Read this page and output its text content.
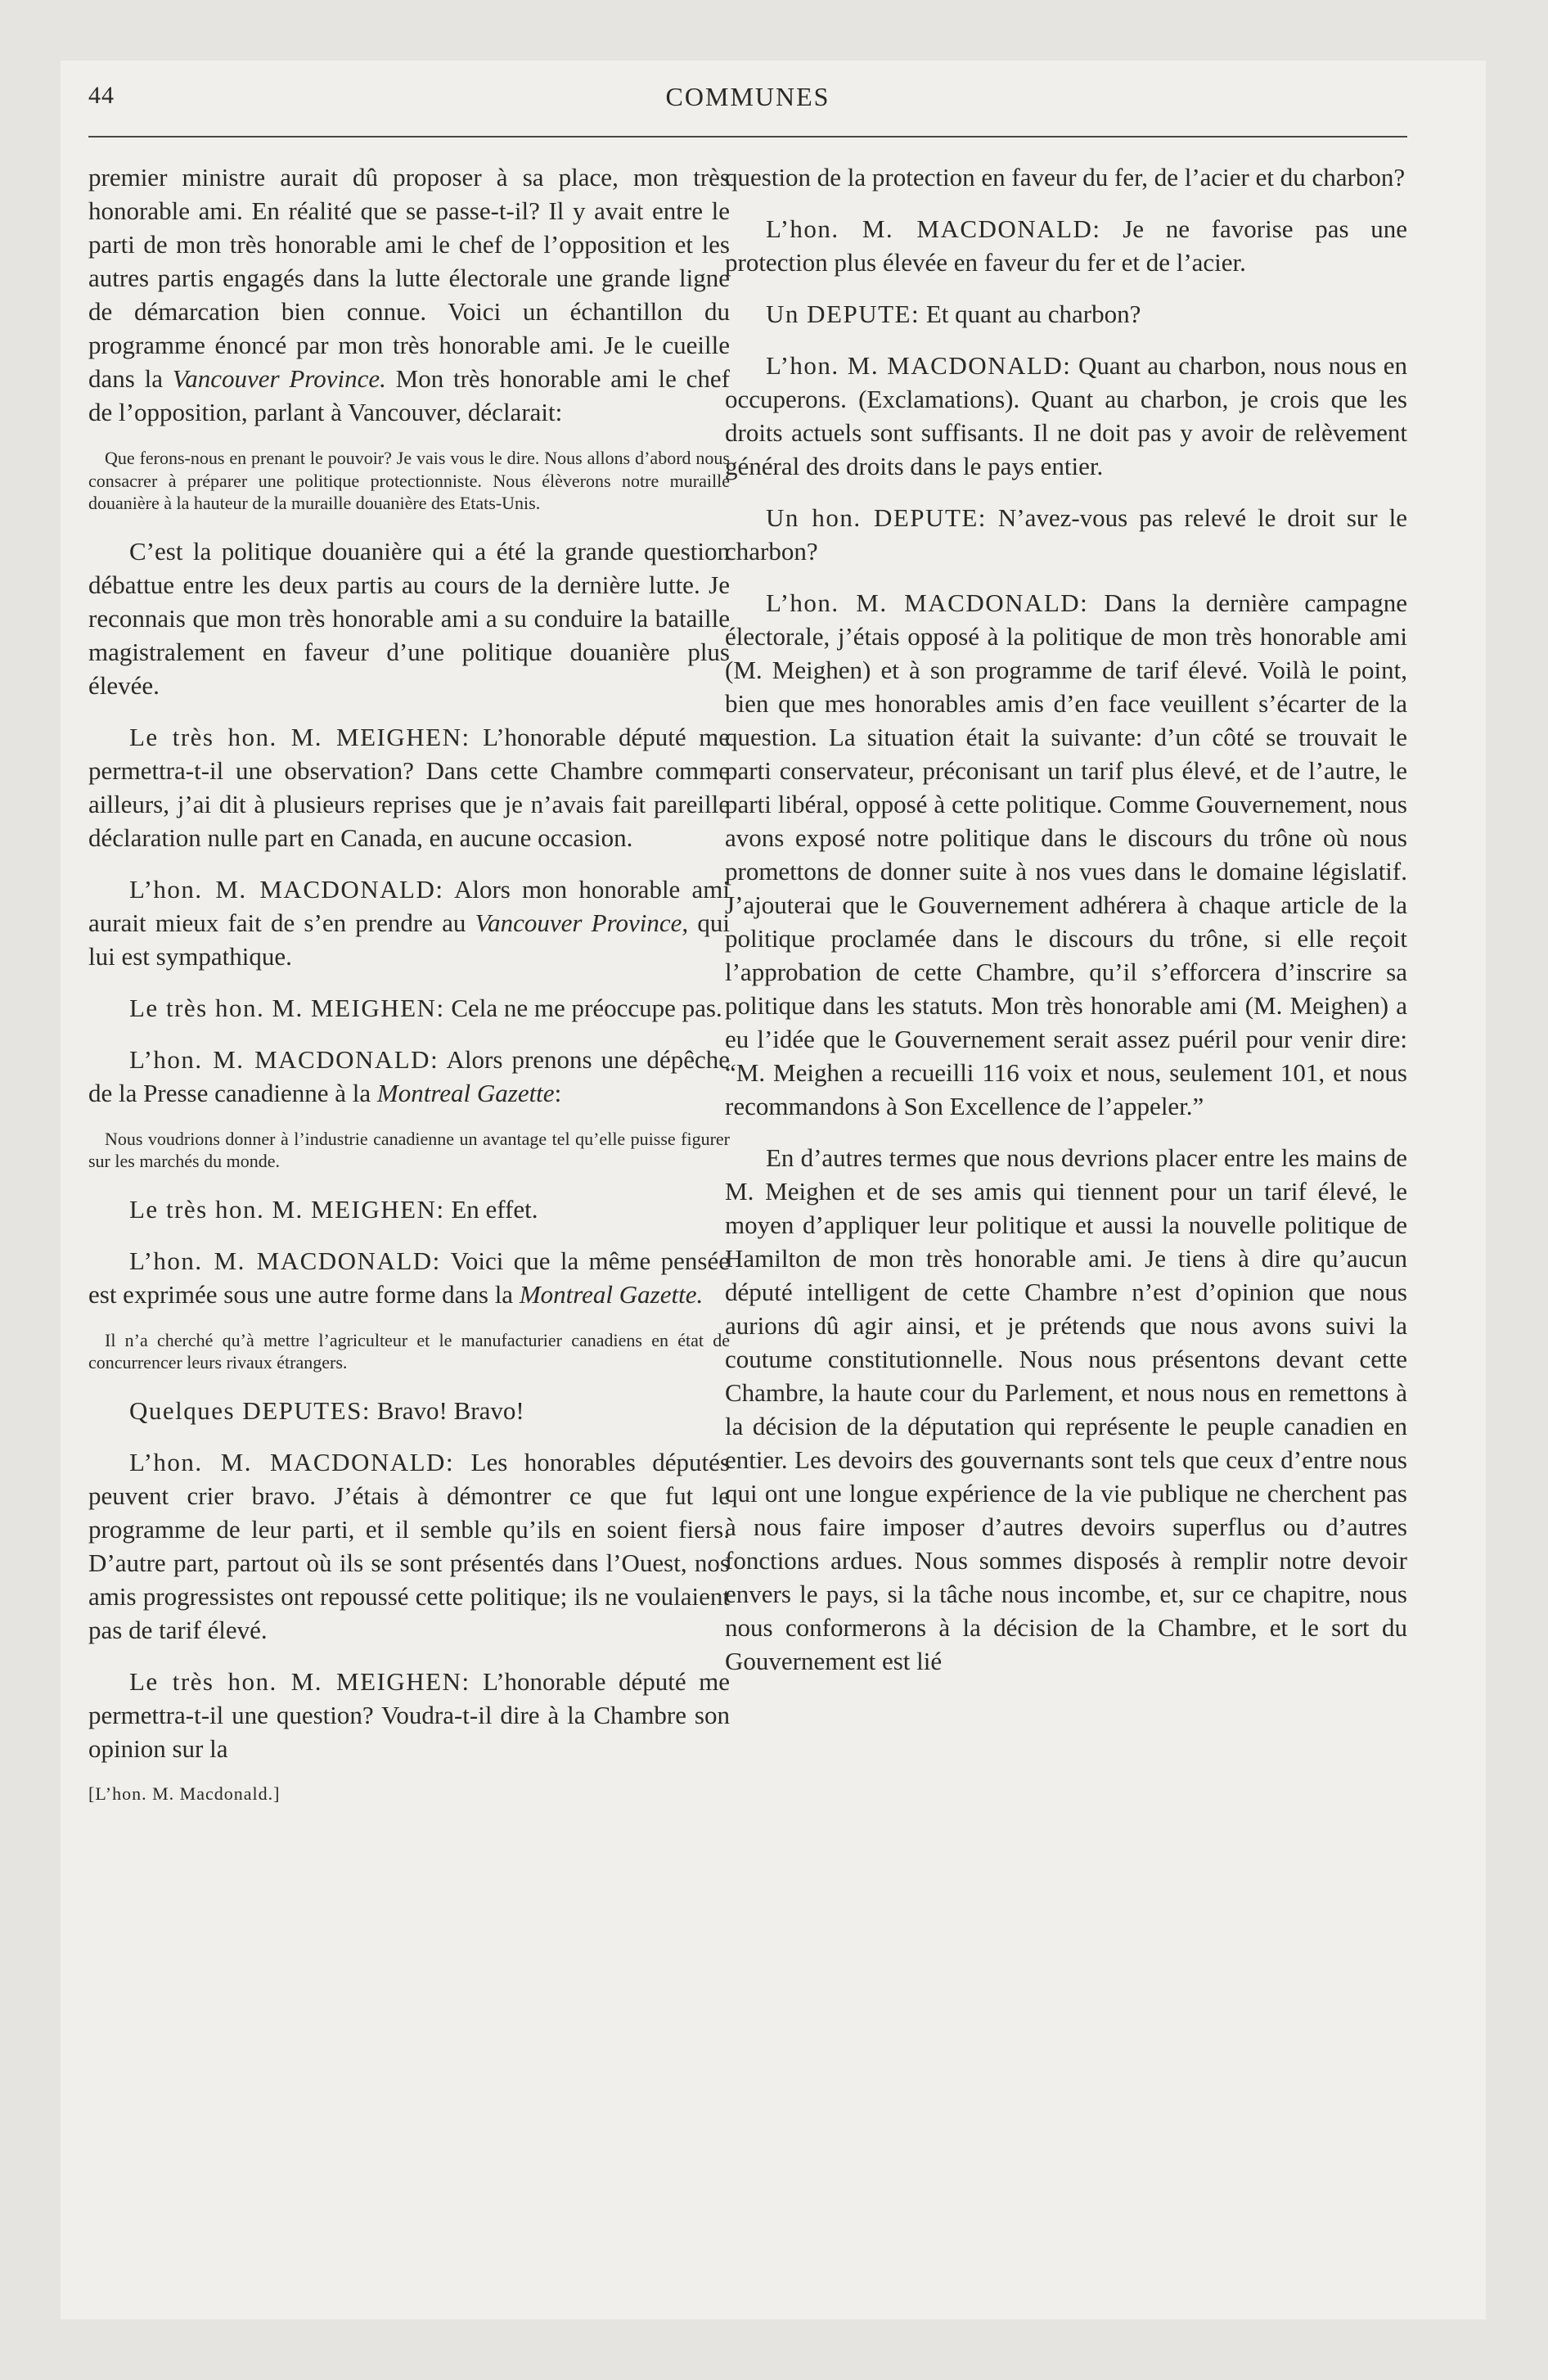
44	COMMUNES

premier ministre aurait dû proposer à sa place, mon très honorable ami. En réalité que se passe-t-il? Il y avait entre le parti de mon très honorable ami le chef de l’opposition et les autres partis engagés dans la lutte électorale une grande ligne de démarcation bien connue. Voici un échantillon du programme énoncé par mon très honorable ami. Je le cueille dans la Vancouver Province. Mon très honorable ami le chef de l’opposition, parlant à Vancouver, déclarait:

Que ferons-nous en prenant le pouvoir? Je vais vous le dire. Nous allons d’abord nous consacrer à préparer une politique protectionniste. Nous élèverons notre muraille douanière à la hauteur de la muraille douanière des Etats-Unis.

C’est la politique douanière qui a été la grande question débattue entre les deux partis au cours de la dernière lutte. Je reconnais que mon très honorable ami a su conduire la bataille magistralement en faveur d’une politique douanière plus élevée.

Le très hon. M. MEIGHEN: L’honorable député me permettra-t-il une observation? Dans cette Chambre comme ailleurs, j’ai dit à plusieurs reprises que je n’avais fait pareille déclaration nulle part en Canada, en aucune occasion.

L’hon. M. MACDONALD: Alors mon honorable ami aurait mieux fait de s’en prendre au Vancouver Province, qui lui est sympathique.

Le très hon. M. MEIGHEN: Cela ne me préoccupe pas.

L’hon. M. MACDONALD: Alors prenons une dépêche de la Presse canadienne à la Montreal Gazette:

Nous voudrions donner à l’industrie canadienne un avantage tel qu’elle puisse figurer sur les marchés du monde.

Le très hon. M. MEIGHEN: En effet.

L’hon. M. MACDONALD: Voici que la même pensée est exprimée sous une autre forme dans la Montreal Gazette.

Il n’a cherché qu’à mettre l’agriculteur et le manufacturier canadiens en état de concurrencer leurs rivaux étrangers.

Quelques DEPUTES: Bravo! Bravo!

L’hon. M. MACDONALD: Les honorables députés peuvent crier bravo. J’étais à démontrer ce que fut le programme de leur parti, et il semble qu’ils en soient fiers. D’autre part, partout où ils se sont présentés dans l’Ouest, nos amis progressistes ont repoussé cette politique; ils ne voulaient pas de tarif élevé.

Le très hon. M. MEIGHEN: L’honorable député me permettra-t-il une question? Voudra-t-il dire à la Chambre son opinion sur la

[L’hon. M. Macdonald.]

question de la protection en faveur du fer, de l’acier et du charbon?

L’hon. M. MACDONALD: Je ne favorise pas une protection plus élevée en faveur du fer et de l’acier.

Un DEPUTE: Et quant au charbon?

L’hon. M. MACDONALD: Quant au charbon, nous nous en occuperons. (Exclamations). Quant au charbon, je crois que les droits actuels sont suffisants. Il ne doit pas y avoir de relèvement général des droits dans le pays entier.

Un hon. DEPUTE: N’avez-vous pas relevé le droit sur le charbon?

L’hon. M. MACDONALD: Dans la dernière campagne électorale, j’étais opposé à la politique de mon très honorable ami (M. Meighen) et à son programme de tarif élevé. Voilà le point, bien que mes honorables amis d’en face veuillent s’écarter de la question. La situation était la suivante: d’un côté se trouvait le parti conservateur, préconisant un tarif plus élevé, et de l’autre, le parti libéral, opposé à cette politique. Comme Gouvernement, nous avons exposé notre politique dans le discours du trône où nous promettons de donner suite à nos vues dans le domaine législatif. J’ajouterai que le Gouvernement adhérera à chaque article de la politique proclamée dans le discours du trône, si elle reçoit l’approbation de cette Chambre, qu’il s’efforcera d’inscrire sa politique dans les statuts. Mon très honorable ami (M. Meighen) a eu l’idée que le Gouvernement serait assez puéril pour venir dire: “M. Meighen a recueilli 116 voix et nous, seulement 101, et nous recommandons à Son Excellence de l’appeler.”

En d’autres termes que nous devrions placer entre les mains de M. Meighen et de ses amis qui tiennent pour un tarif élevé, le moyen d’appliquer leur politique et aussi la nouvelle politique de Hamilton de mon très honorable ami. Je tiens à dire qu’aucun député intelligent de cette Chambre n’est d’opinion que nous aurions dû agir ainsi, et je prétends que nous avons suivi la coutume constitutionnelle. Nous nous présentons devant cette Chambre, la haute cour du Parlement, et nous nous en remettons à la décision de la députation qui représente le peuple canadien en entier. Les devoirs des gouvernants sont tels que ceux d’entre nous qui ont une longue expérience de la vie publique ne cherchent pas à nous faire imposer d’autres devoirs superflus ou d’autres fonctions ardues. Nous sommes disposés à remplir notre devoir envers le pays, si la tâche nous incombe, et, sur ce chapitre, nous nous conformerons à la décision de la Chambre, et le sort du Gouvernement est lié
